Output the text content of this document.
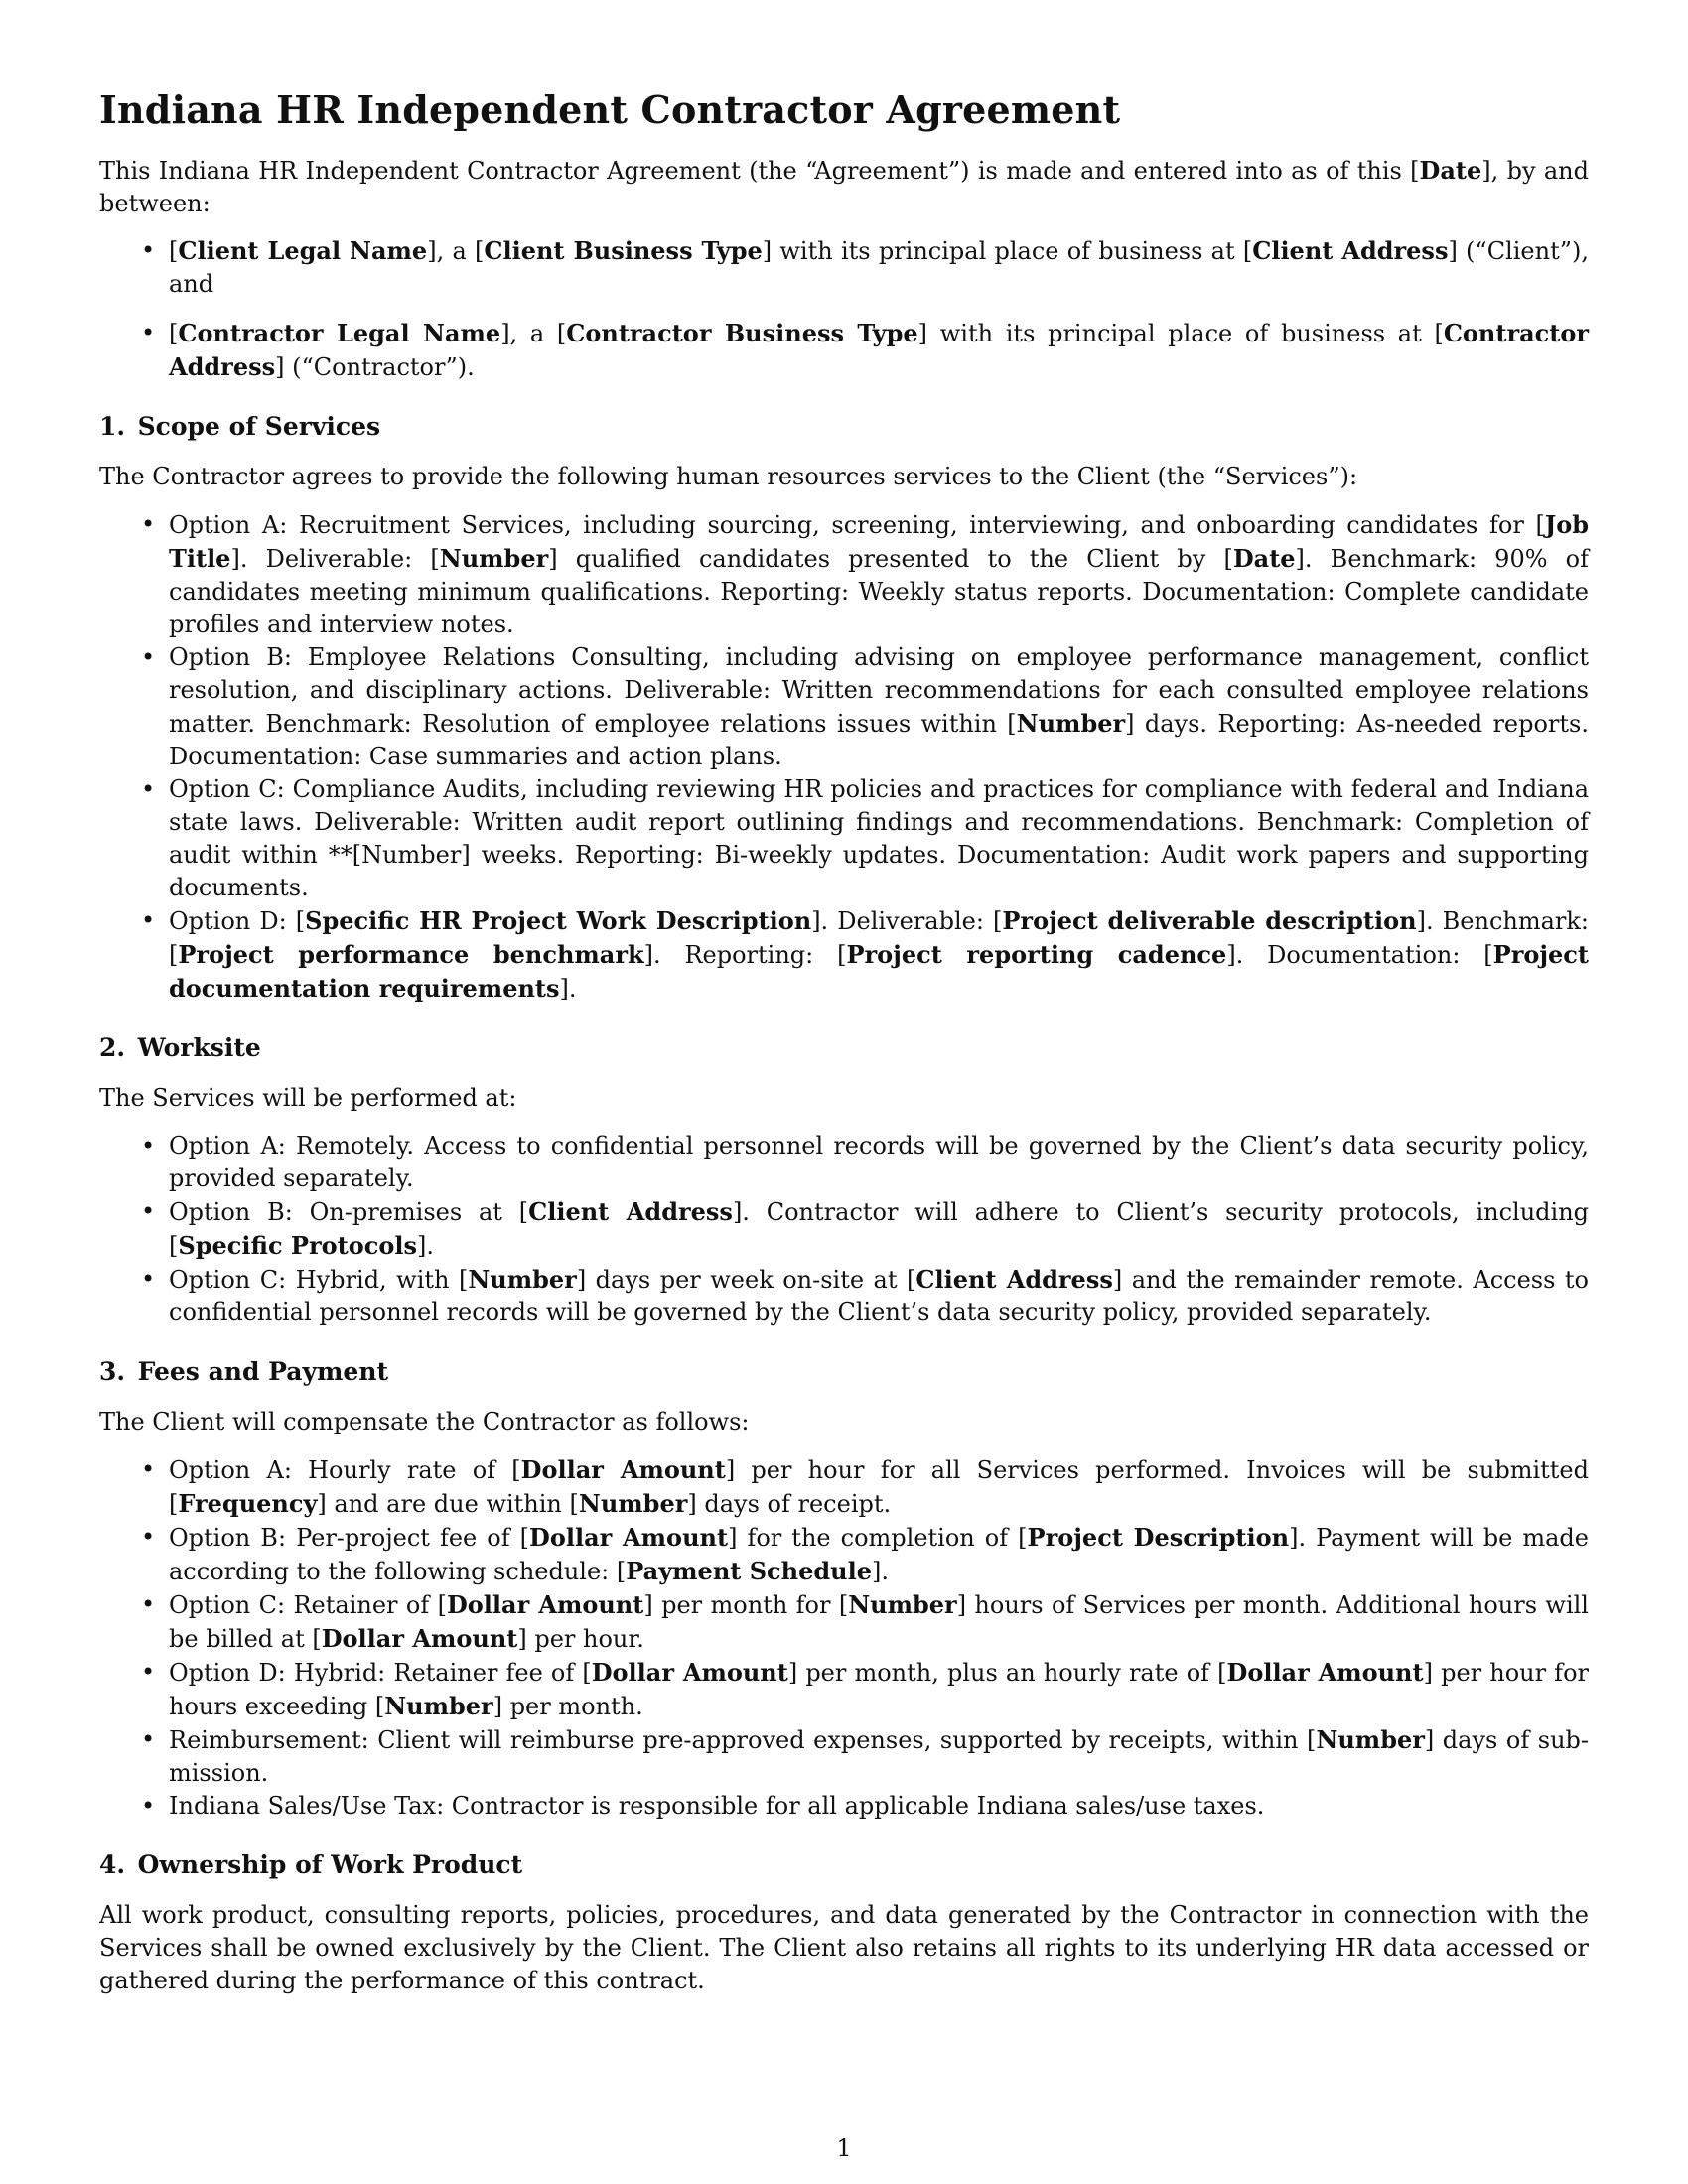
Indiana HR Independent Contractor Agreement

This Indiana HR Independent Contractor Agreement (the “Agreement”) is made and entered into as of this [Date], by and between:

• [Client Legal Name], a [Client Business Type] with its principal place of business at [Client Address] (“Client”), and
• [Contractor Legal Name], a [Contractor Business Type] with its principal place of business at [Contractor Address] (“Contractor”).
1. Scope of Services

The Contractor agrees to provide the following human resources services to the Client (the “Services”):

• Option A: Recruitment Services, including sourcing, screening, interviewing, and onboarding candidates for [Job Title]. Deliverable: [Number] qualified candidates presented to the Client by [Date]. Benchmark: 90% of candidates meeting minimum qualifications. Reporting: Weekly status reports. Documentation: Complete candidate profiles and interview notes.
• Option B: Employee Relations Consulting, including advising on employee performance management, conflict resolution, and disciplinary actions. Deliverable: Written recommendations for each consulted employee relations matter. Benchmark: Resolution of employee relations issues within [Number] days. Reporting: As-needed reports. Documentation: Case summaries and action plans.
• Option C: Compliance Audits, including reviewing HR policies and practices for compliance with federal and Indiana state laws. Deliverable: Written audit report outlining findings and recommendations. Benchmark: Completion of audit within **[Number] weeks. Reporting: Bi-weekly updates. Documentation: Audit work papers and supporting documents.
• Option D: [Specific HR Project Work Description]. Deliverable: [Project deliverable description]. Benchmark: [Project performance benchmark]. Reporting: [Project reporting cadence]. Documentation: [Project documentation requirements].
2. Worksite

The Services will be performed at:

• Option A: Remotely. Access to confidential personnel records will be governed by the Client’s data security policy, provided separately.
• Option B: On-premises at [Client Address]. Contractor will adhere to Client’s security protocols, including [Specific Protocols].
• Option C: Hybrid, with [Number] days per week on-site at [Client Address] and the remainder remote. Access to confidential personnel records will be governed by the Client’s data security policy, provided separately.
3. Fees and Payment

The Client will compensate the Contractor as follows:

• Option A: Hourly rate of [Dollar Amount] per hour for all Services performed. Invoices will be submitted [Frequency] and are due within [Number] days of receipt.
• Option B: Per-project fee of [Dollar Amount] for the completion of [Project Description]. Payment will be made according to the following schedule: [Payment Schedule].
• Option C: Retainer of [Dollar Amount] per month for [Number] hours of Services per month. Additional hours will be billed at [Dollar Amount] per hour.
• Option D: Hybrid: Retainer fee of [Dollar Amount] per month, plus an hourly rate of [Dollar Amount] per hour for hours exceeding [Number] per month.
• Reimbursement: Client will reimburse pre-approved expenses, supported by receipts, within [Number] days of submission.
• Indiana Sales/Use Tax: Contractor is responsible for all applicable Indiana sales/use taxes.
4. Ownership of Work Product

All work product, consulting reports, policies, procedures, and data generated by the Contractor in connection with the Services shall be owned exclusively by the Client. The Client also retains all rights to its underlying HR data accessed or gathered during the performance of this contract.

1
